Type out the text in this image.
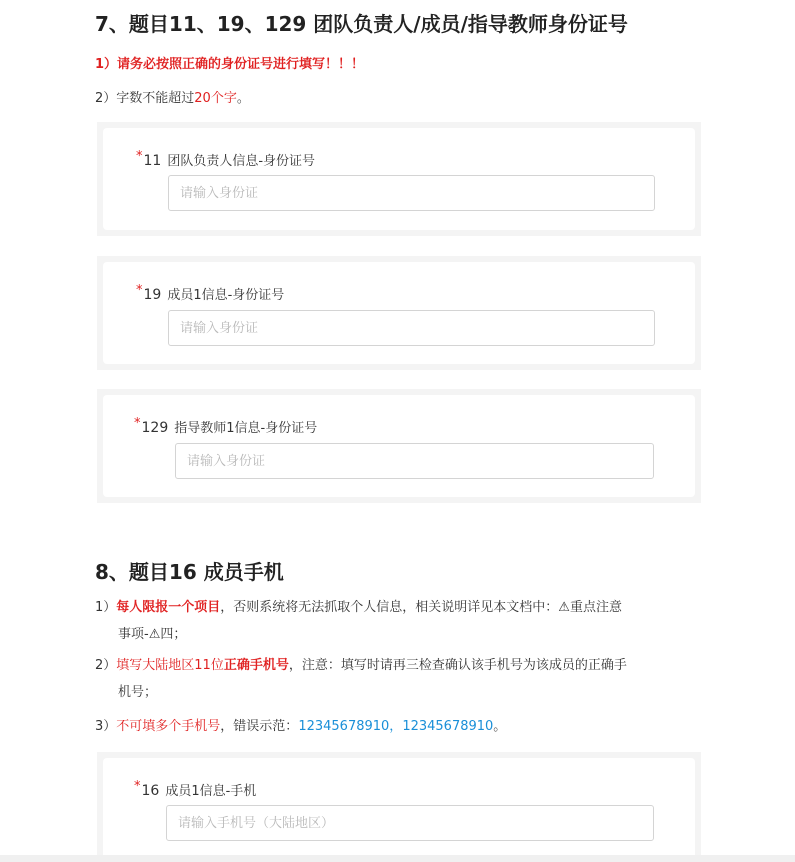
7、题目11、19、129 团队负责人/成员/指导教师身份证号
1）请务必按照正确的身份证号进行填写！！！
2）字数不能超过20个字。
*11 团队负责人信息-身份证号
请输入身份证
*19 成员1信息-身份证号
请输入身份证
*129 指导教师1信息-身份证号
请输入身份证
8、题目16 成员手机
1）每人限报一个项目，否则系统将无法抓取个人信息，相关说明详见本文档中：⚠重点注意
事项-⚠四；
2）填写大陆地区11位正确手机号，注意：填写时请再三检查确认该手机号为该成员的正确手
机号；
3）不可填多个手机号，错误示范：12345678910，12345678910。
*16 成员1信息-手机
请输入手机号（大陆地区）
